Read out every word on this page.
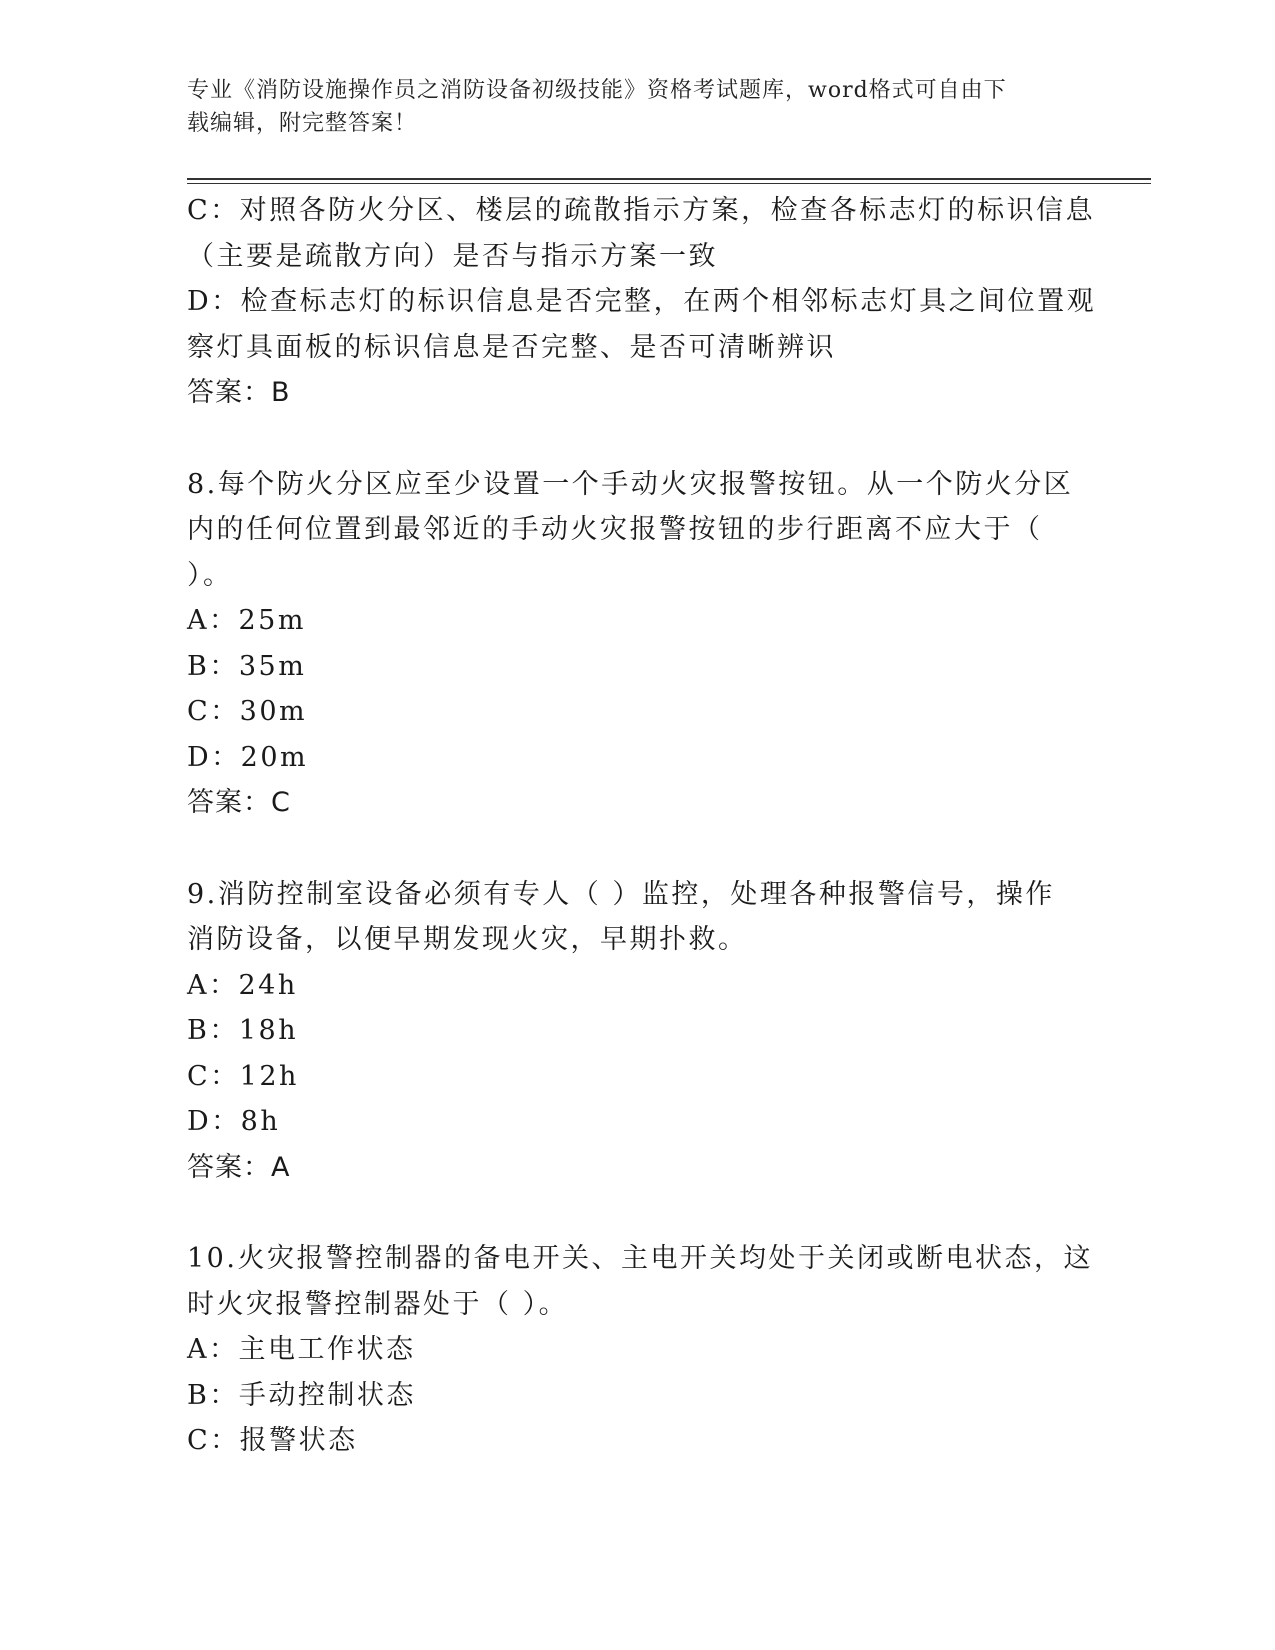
专业《消防设施操作员之消防设备初级技能》资格考试题库，word格式可自由下
载编辑，附完整答案！
C：对照各防火分区、楼层的疏散指示方案，检查各标志灯的标识信息
（主要是疏散方向）是否与指示方案一致
D：检查标志灯的标识信息是否完整，在两个相邻标志灯具之间位置观
察灯具面板的标识信息是否完整、是否可清晰辨识
答案：B
8.每个防火分区应至少设置一个手动火灾报警按钮。从一个防火分区
内的任何位置到最邻近的手动火灾报警按钮的步行距离不应大于（
）。
A：25m
B：35m
C：30m
D：20m
答案：C
9.消防控制室设备必须有专人（ ）监控，处理各种报警信号，操作
消防设备，以便早期发现火灾，早期扑救。
A：24h
B：18h
C：12h
D：8h
答案：A
10.火灾报警控制器的备电开关、主电开关均处于关闭或断电状态，这
时火灾报警控制器处于（ ）。
A：主电工作状态
B：手动控制状态
C：报警状态
